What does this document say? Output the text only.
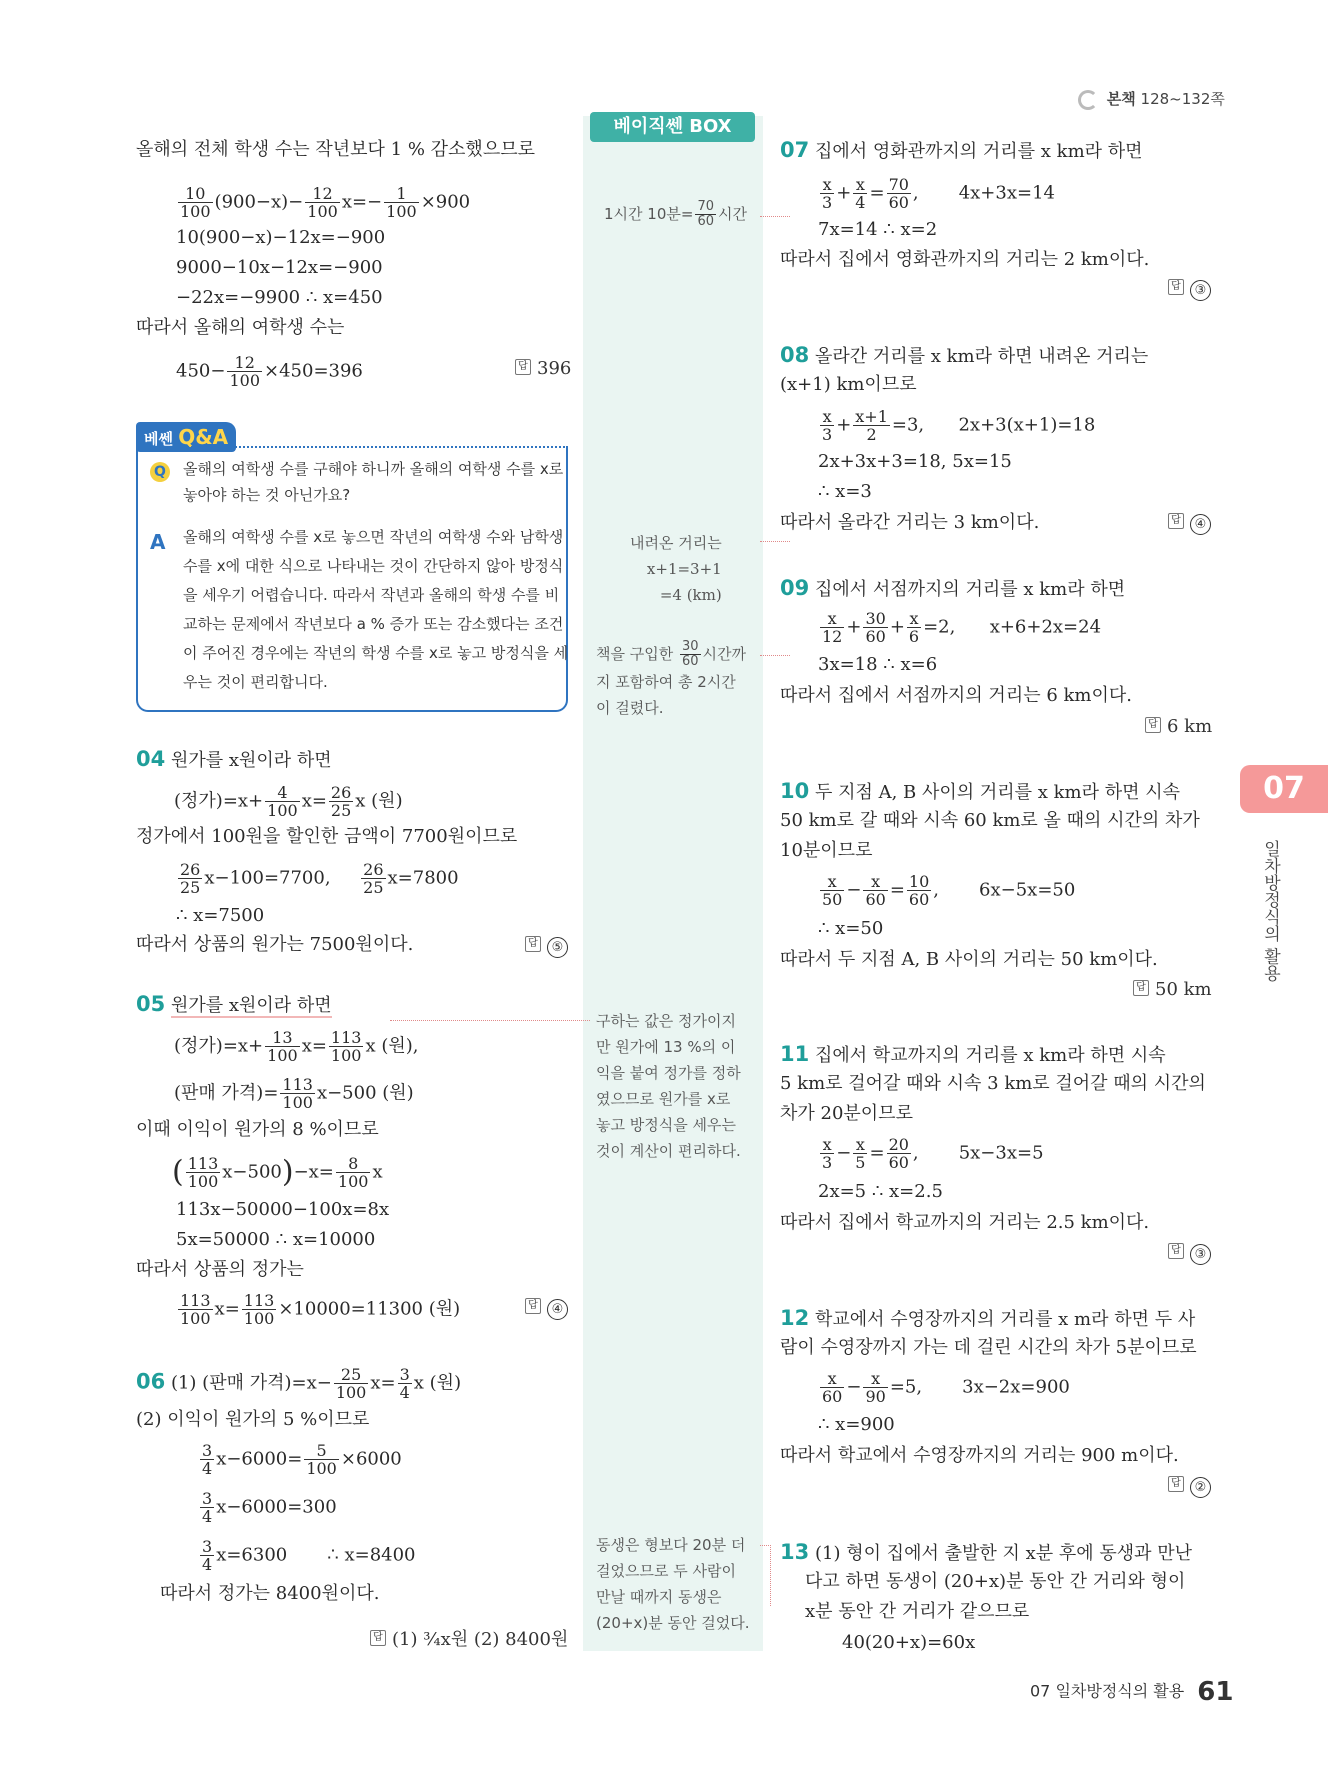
본책 128~132쪽
베이직쎈 BOX
07
일차방정식의 활용
올해의 전체 학생 수는 작년보다 1 % 감소했으므로
$\frac{10}{100} (900-x)- \frac{12}{100} x=- \frac{1}{100} \times 900$
10(900−x)−12x=−900
9000−10x−12x=−900
−22x=−9900 ∴ x=450
따라서 올해의 여학생 수는
$450- \frac{12}{100} \times 450=396$	답 396
베쎈 Q&A
Q 올해의 여학생 수를 구해야 하니까 올해의 여학생 수를 x로
놓아야 하는 것 아닌가요?
A 올해의 여학생 수를 x로 놓으면 작년의 여학생 수와 남학생
수를 x에 대한 식으로 나타내는 것이 간단하지 않아 방정식
을 세우기 어렵습니다. 따라서 작년과 올해의 학생 수를 비
교하는 문제에서 작년보다 a % 증가 또는 감소했다는 조건
이 주어진 경우에는 작년의 학생 수를 x로 놓고 방정식을 세
우는 것이 편리합니다.
04 원가를 x원이라 하면
(정가)$=x+ \frac{4}{100} x= \frac{26}{25}$ x (원)
정가에서 100원을 할인한 금액이 7700원이므로
$\frac{26}{25} x-100=7700$, $\frac{26}{25} x=7800$
∴ x=7500
따라서 상품의 원가는 7500원이다.	답 ⑤
05 원가를 x원이라 하면
(정가)$=x+ \frac{13}{100} x= \frac{113}{100}$ x (원),
(판매 가격)= $\frac{113}{100} x-500$ (원)
이때 이익이 원가의 8 %이므로
( $\frac{113}{100} x-500)-x= \frac{8}{100}$ x
113x−50000−100x=8x
5x=50000 ∴ x=10000
따라서 상품의 정가는
$\frac{113}{100} x= \frac{113}{100} \times 10000=11300$ (원)	답 ④
06 (1) (판매 가격)$=x- \frac{25}{100} x= \frac{3}{4}$ x (원)
(2) 이익이 원가의 5 %이므로
$\frac{3}{4} x-6000= \frac{5}{100} \times 6000$
$\frac{3}{4} x-6000=300$
$\frac{3}{4} x=6300$       ∴ x=8400
따라서 정가는 8400원이다.
답 (1) ¾x원 (2) 8400원
1시간 10분= $\frac{70}{60}$ 시간
내려온 거리는
x+1=3+1
=4 (km)
책을 구입한 $\frac{30}{60}$ 시간까
지 포함하여 총 2시간
이 걸렸다.
구하는 값은 정가이지
만 원가에 13 %의 이
익을 붙여 정가를 정하
였으므로 원가를 x로
놓고 방정식을 세우는
것이 계산이 편리하다.
동생은 형보다 20분 더
걸었으므로 두 사람이
만날 때까지 동생은
(20+x)분 동안 걸었다.
07 집에서 영화관까지의 거리를 x km라 하면
$\frac{x}{3} + \frac{x}{4} = \frac{70}{60}$ ,       4x+3x=14
7x=14 ∴ x=2
따라서 집에서 영화관까지의 거리는 2 km이다.
답 ③
08 올라간 거리를 x km라 하면 내려온 거리는
(x+1) km이므로
$\frac{x}{3} + \frac{x+1}{2} =3$,      2x+3(x+1)=18
2x+3x+3=18, 5x=15
∴ x=3
따라서 올라간 거리는 3 km이다.	답 ④
09 집에서 서점까지의 거리를 x km라 하면
$\frac{x}{12} + \frac{30}{60} + \frac{x}{6} =2$,      x+6+2x=24
3x=18 ∴ x=6
따라서 집에서 서점까지의 거리는 6 km이다.
답 6 km
10 두 지점 A, B 사이의 거리를 x km라 하면 시속
50 km로 갈 때와 시속 60 km로 올 때의 시간의 차가
10분이므로
$\frac{x}{50} - \frac{x}{60} = \frac{10}{60}$ ,       6x−5x=50
∴ x=50
따라서 두 지점 A, B 사이의 거리는 50 km이다.
답 50 km
11 집에서 학교까지의 거리를 x km라 하면 시속
5 km로 걸어갈 때와 시속 3 km로 걸어갈 때의 시간의
차가 20분이므로
$\frac{x}{3} - \frac{x}{5} = \frac{20}{60}$ ,       5x−3x=5
2x=5 ∴ x=2.5
따라서 집에서 학교까지의 거리는 2.5 km이다.
답 ③
12 학교에서 수영장까지의 거리를 x m라 하면 두 사
람이 수영장까지 가는 데 걸린 시간의 차가 5분이므로
$\frac{x}{60} - \frac{x}{90} =5$,       3x−2x=900
∴ x=900
따라서 학교에서 수영장까지의 거리는 900 m이다.
답 ②
13 (1) 형이 집에서 출발한 지 x분 후에 동생과 만난
다고 하면 동생이 (20+x)분 동안 간 거리와 형이
x분 동안 간 거리가 같으므로
40(20+x)=60x
07 일차방정식의 활용 61
